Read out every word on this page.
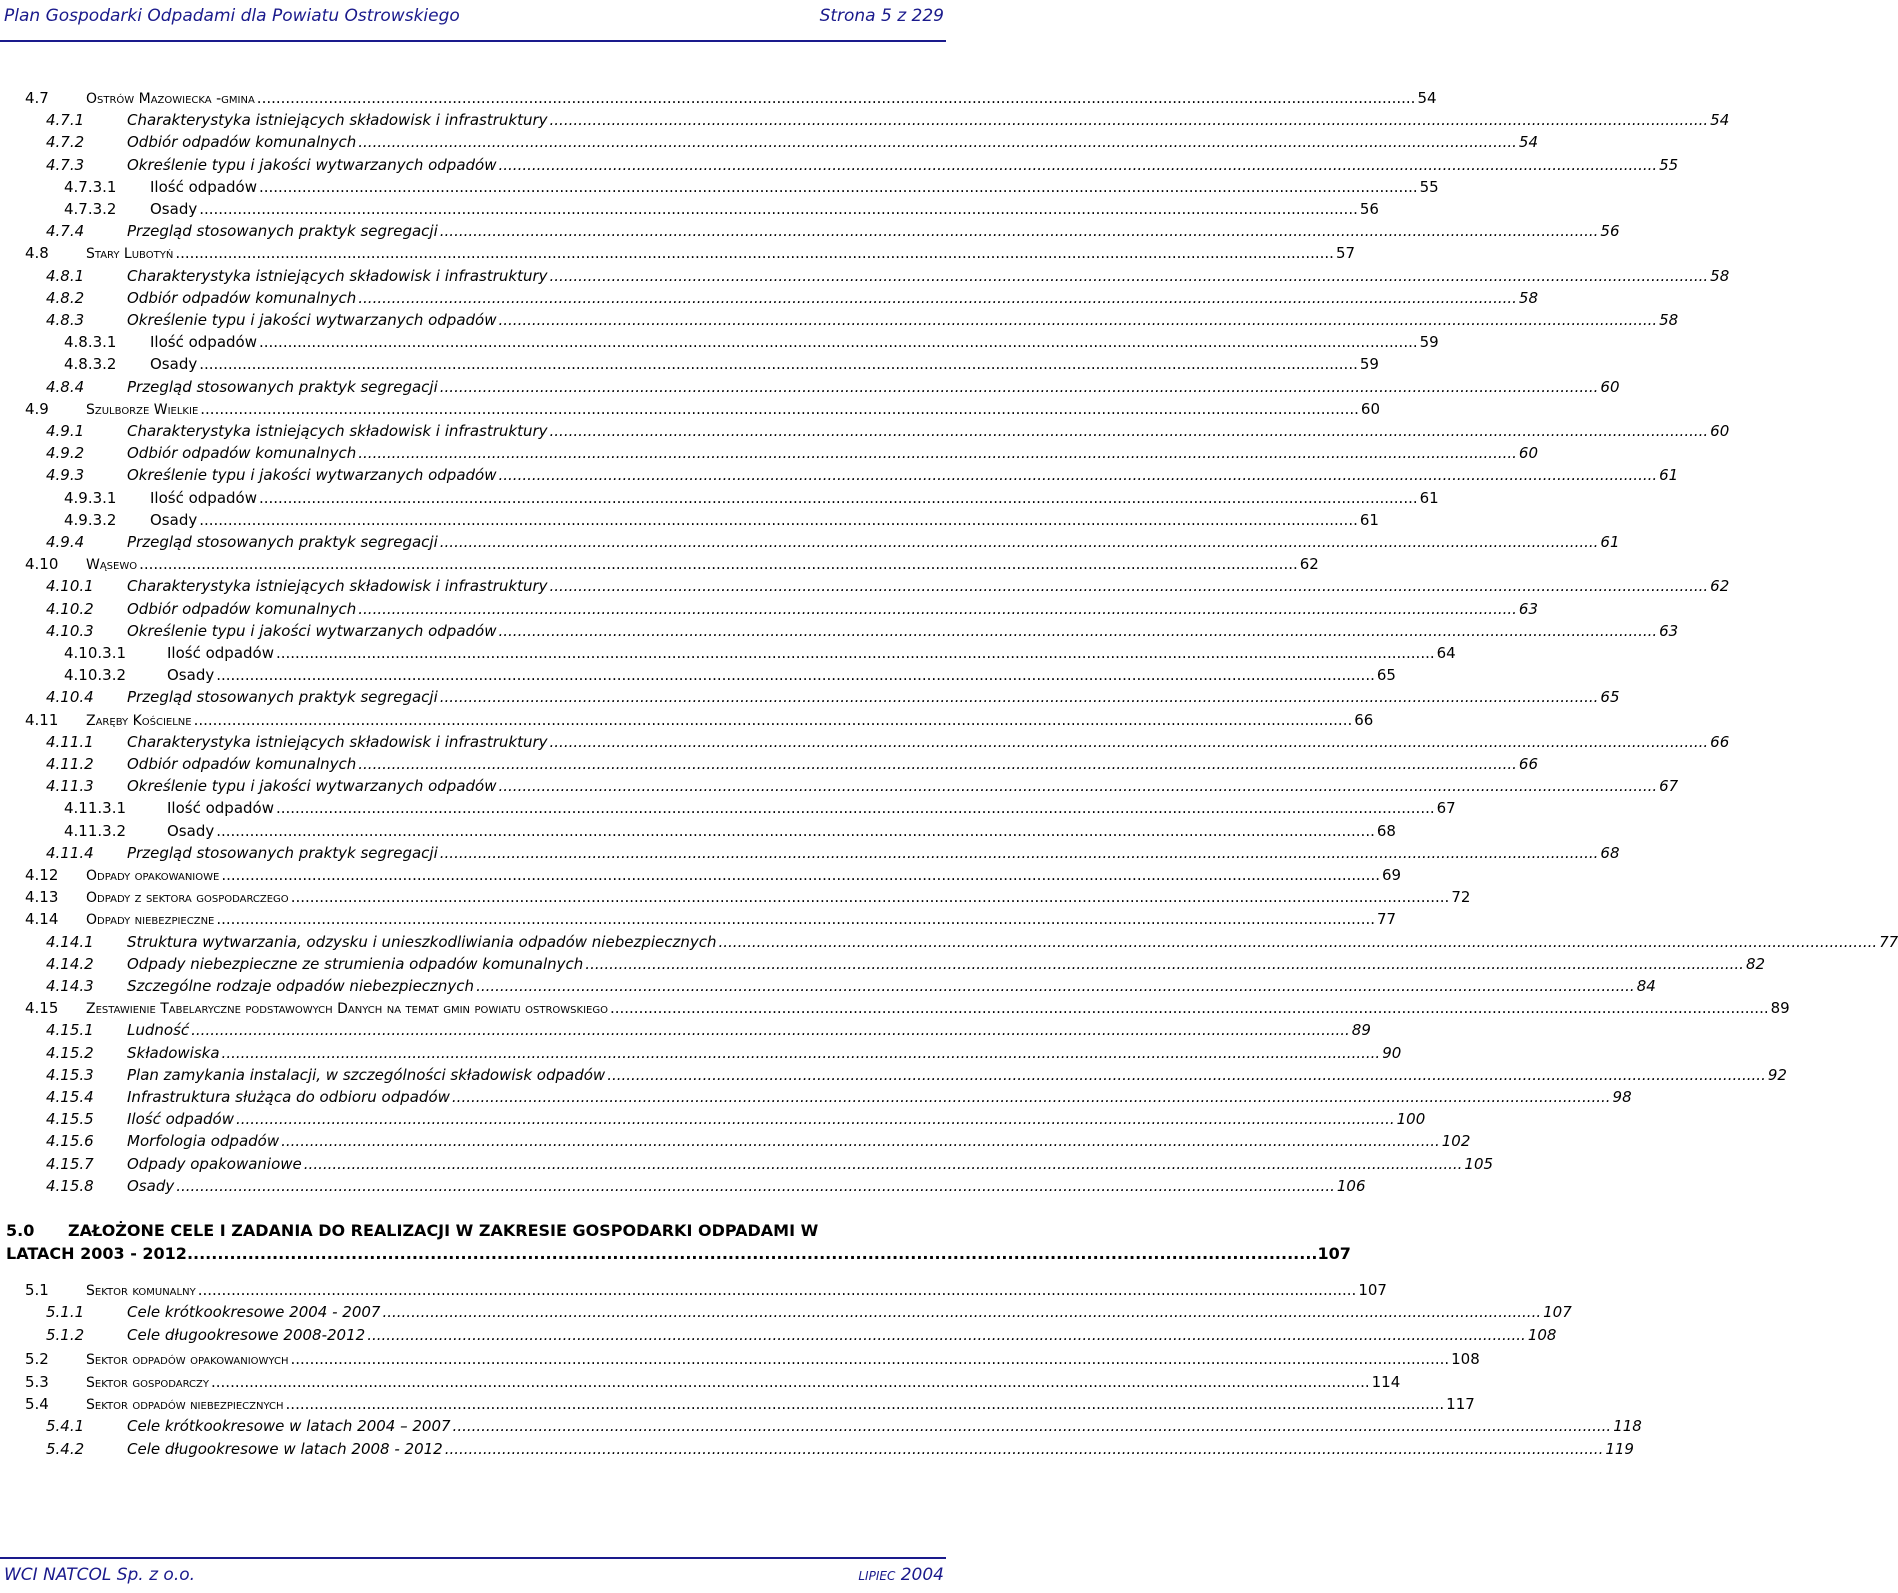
Plan Gospodarki Odpadami dla Powiatu Ostrowskiego	Strona 5 z 229
4.7	Ostrów Mazowiecka -gmina .....	54
4.7.1	Charakterystyka istniejących składowisk i infrastruktury .....	54
4.7.2	Odbiór odpadów komunalnych .....	54
4.7.3	Określenie typu i jakości wytwarzanych odpadów .....	55
4.7.3.1 Ilość odpadów .....	55
4.7.3.2 Osady .....	56
4.7.4	Przegląd stosowanych praktyk segregacji .....	56
4.8	Stary Lubotyń .....	57
4.8.1	Charakterystyka istniejących składowisk i infrastruktury .....	58
4.8.2	Odbiór odpadów komunalnych .....	58
4.8.3	Określenie typu i jakości wytwarzanych odpadów .....	58
4.8.3.1 Ilość odpadów .....	59
4.8.3.2 Osady .....	59
4.8.4	Przegląd stosowanych praktyk segregacji .....	60
4.9	Szulborze Wielkie .....	60
4.9.1	Charakterystyka istniejących składowisk i infrastruktury .....	60
4.9.2	Odbiór odpadów komunalnych .....	60
4.9.3	Określenie typu i jakości wytwarzanych odpadów .....	61
4.9.3.1 Ilość odpadów .....	61
4.9.3.2 Osady .....	61
4.9.4	Przegląd stosowanych praktyk segregacji .....	61
4.10 Wąsewo .....	62
4.10.1 Charakterystyka istniejących składowisk i infrastruktury .....	62
4.10.2 Odbiór odpadów komunalnych .....	63
4.10.3 Określenie typu i jakości wytwarzanych odpadów .....	63
4.10.3.1	Ilość odpadów .....	64
4.10.3.2	Osady .....	65
4.10.4 Przegląd stosowanych praktyk segregacji .....	65
4.11 Zaręby Kościelne .....	66
4.11.1 Charakterystyka istniejących składowisk i infrastruktury .....	66
4.11.2 Odbiór odpadów komunalnych .....	66
4.11.3 Określenie typu i jakości wytwarzanych odpadów .....	67
4.11.3.1	Ilość odpadów .....	67
4.11.3.2	Osady .....	68
4.11.4 Przegląd stosowanych praktyk segregacji .....	68
4.12 Odpady opakowaniowe .....	69
4.13 Odpady z sektora gospodarczego .....	72
4.14 Odpady niebezpieczne .....	77
4.14.1 Struktura wytwarzania, odzysku i unieszkodliwiania odpadów niebezpiecznych .....	77
4.14.2 Odpady niebezpieczne ze strumienia odpadów komunalnych .....	82
4.14.3 Szczególne rodzaje odpadów niebezpiecznych .....	84
4.15 Zestawienie Tabelaryczne podstawowych Danych na temat gmin powiatu ostrowskiego .....	89
4.15.1 Ludność .....	89
4.15.2 Składowiska .....	90
4.15.3 Plan zamykania instalacji, w szczególności składowisk odpadów .....	92
4.15.4 Infrastruktura służąca do odbioru odpadów .....	98
4.15.5 Ilość odpadów .....	100
4.15.6 Morfologia odpadów .....	102
4.15.7 Odpady opakowaniowe .....	105
4.15.8 Osady .....	106
5.0 ZAŁOŻONE CELE I ZADANIA DO REALIZACJI W ZAKRESIE GOSPODARKI ODPADAMI W
LATACH 2003 - 2012 .......................................................................................................................................................................................... 107
5.1	Sektor komunalny .....	107
5.1.1	Cele krótkookresowe 2004 - 2007 .....	107
5.1.2	Cele długookresowe 2008-2012 .....	108
5.2	Sektor odpadów opakowaniowych .....	108
5.3	Sektor gospodarczy .....	114
5.4	Sektor odpadów niebezpiecznych .....	117
5.4.1	Cele krótkookresowe w latach 2004 – 2007 .....	118
5.4.2	Cele długookresowe w latach 2008 - 2012 .....	119
WCI NATCOL Sp. z o.o.	lipiec 2004
